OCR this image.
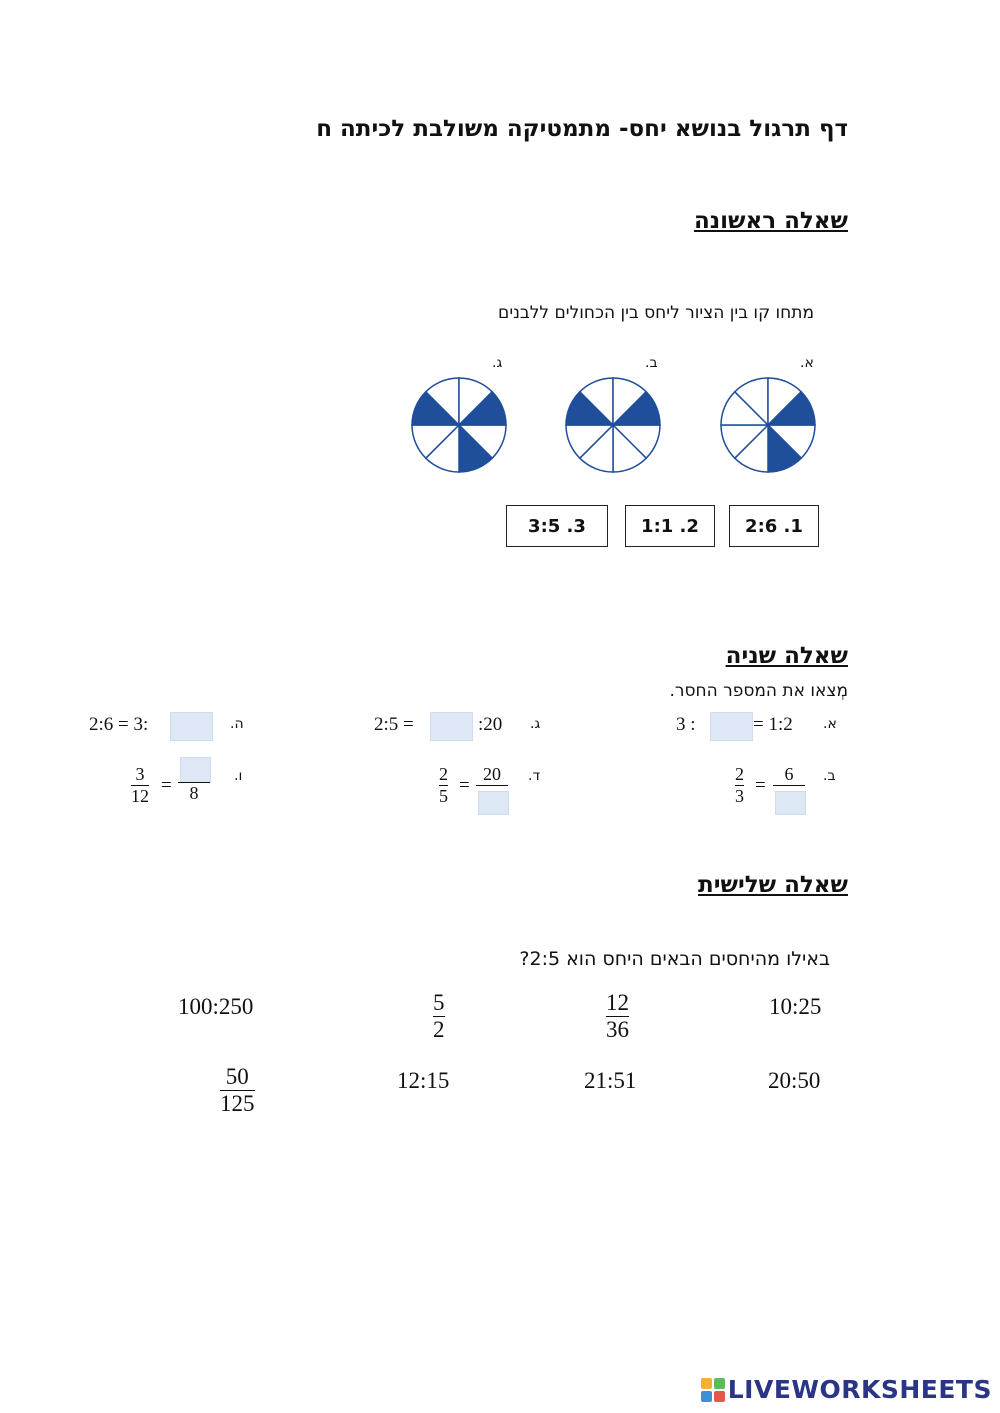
דף תרגול בנושא יחס- מתמטיקה משולבת לכיתה ח
שאלה ראשונה
מתחו קו בין הציור ליחס בין הכחולים ללבנים
א.
ב.
ג.
2:6 .1
1:1 .2
3:5 .3
שאלה שניה
מְצאו את המספר החסר.
א.
= 1:2
3 :
ב.
2
3 =
6
ג.
:20
2:5 =
ד.
2
5 =
20
ה.
2:6 = 3:
ו.
3
12 = 8
שאלה שלישית
באילו מהיחסים הבאים היחס הוא 2:5?
10:25
12
36
5
2
100:250
20:50
21:51
12:15
50
125
LIVEWORKSHEETS
